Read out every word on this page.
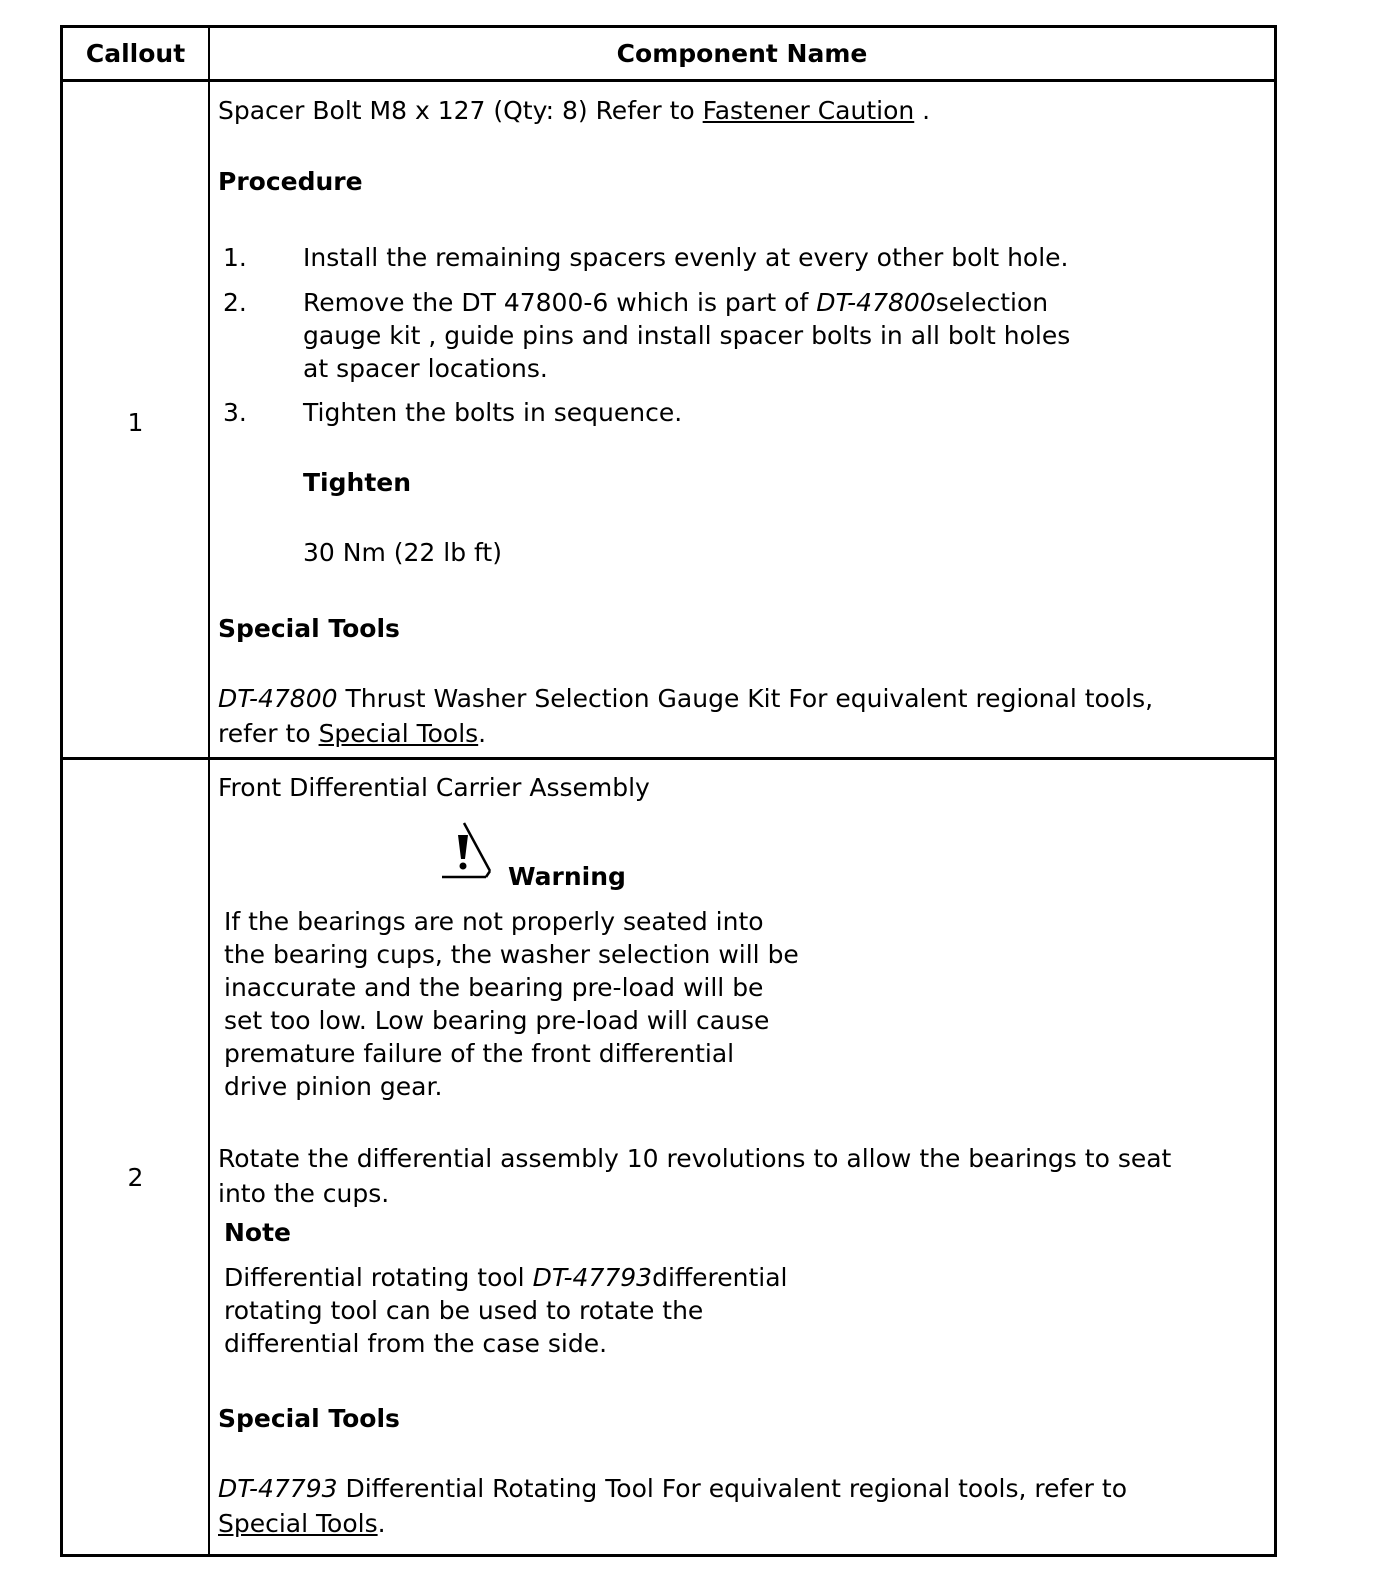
Callout	Component Name
1
Spacer Bolt M8 x 127 (Qty: 8) Refer to Fastener Caution .
Procedure
1. Install the remaining spacers evenly at every other bolt hole.
2. Remove the DT 47800-6 which is part of DT-47800selection
gauge kit , guide pins and install spacer bolts in all bolt holes
at spacer locations.
3. Tighten the bolts in sequence.
Tighten
30 Nm (22 lb ft)
Special Tools
DT-47800 Thrust Washer Selection Gauge Kit For equivalent regional tools,
refer to Special Tools.
2
Front Differential Carrier Assembly
Warning
If the bearings are not properly seated into
the bearing cups, the washer selection will be
inaccurate and the bearing pre-load will be
set too low. Low bearing pre-load will cause
premature failure of the front differential
drive pinion gear.
Rotate the differential assembly 10 revolutions to allow the bearings to seat
into the cups.
Note
Differential rotating tool DT-47793differential
rotating tool can be used to rotate the
differential from the case side.
Special Tools
DT-47793 Differential Rotating Tool For equivalent regional tools, refer to
Special Tools.
